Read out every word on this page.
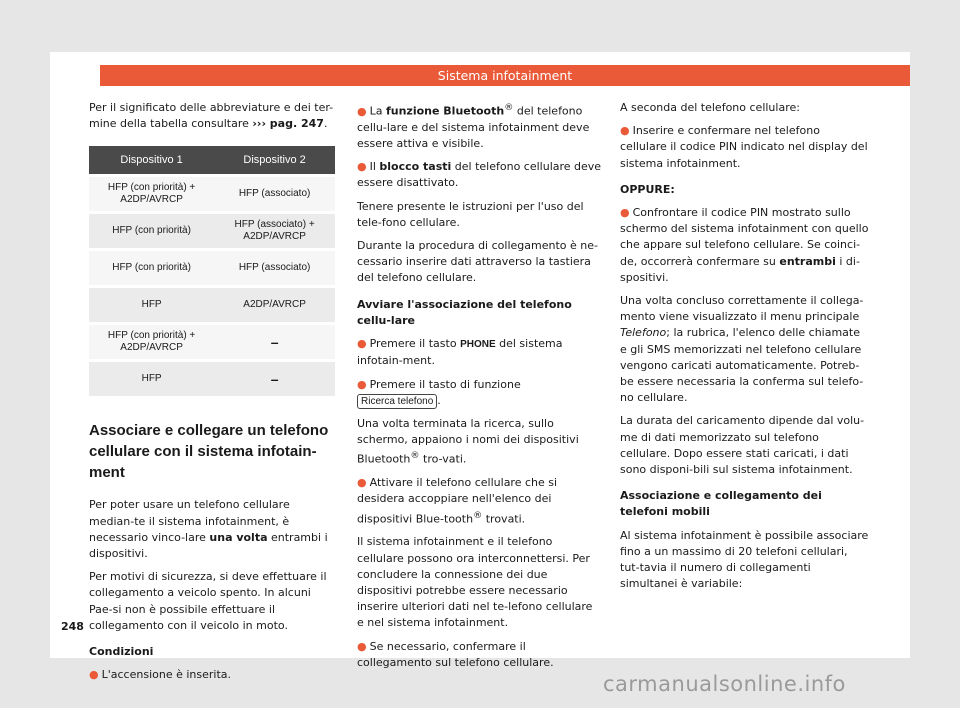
Sistema infotainment

Per il significato delle abbreviature e dei ter-mine della tabella consultare ››› pag. 247.

Dispositivo 1	Dispositivo 2
HFP (con priorità) + A2DP/AVRCP	HFP (associato)
HFP (con priorità)	HFP (associato) + A2DP/AVRCP
HFP (con priorità)	HFP (associato)
HFP	A2DP/AVRCP
HFP (con priorità) + A2DP/AVRCP	–
HFP	–

Associare e collegare un telefono cellulare con il sistema infotain-ment

Per poter usare un telefono cellulare median-te il sistema infotainment, è necessario vinco-lare una volta entrambi i dispositivi.

Per motivi di sicurezza, si deve effettuare il collegamento a veicolo spento. In alcuni Pae-si non è possibile effettuare il collegamento con il veicolo in moto.

Condizioni

● L'accensione è inserita.

● La funzione Bluetooth® del telefono cellu-lare e del sistema infotainment deve essere attiva e visibile.

● Il blocco tasti del telefono cellulare deve essere disattivato.

Tenere presente le istruzioni per l'uso del tele-fono cellulare.

Durante la procedura di collegamento è ne-cessario inserire dati attraverso la tastiera del telefono cellulare.

Avviare l'associazione del telefono cellu-lare

● Premere il tasto PHONE del sistema infotain-ment.

● Premere il tasto di funzione Ricerca telefono .

Una volta terminata la ricerca, sullo schermo, appaiono i nomi dei dispositivi Bluetooth® tro-vati.

● Attivare il telefono cellulare che si desidera accoppiare nell'elenco dei dispositivi Blue-tooth® trovati.

Il sistema infotainment e il telefono cellulare possono ora interconnettersi. Per concludere la connessione dei due dispositivi potrebbe essere necessario inserire ulteriori dati nel te-lefono cellulare e nel sistema infotainment.

● Se necessario, confermare il collegamento sul telefono cellulare.

A seconda del telefono cellulare:

● Inserire e confermare nel telefono cellulare il codice PIN indicato nel display del sistema infotainment.

OPPURE:

● Confrontare il codice PIN mostrato sullo schermo del sistema infotainment con quello che appare sul telefono cellulare. Se coinci-de, occorrerà confermare su entrambi i di-spositivi.

Una volta concluso correttamente il collega-mento viene visualizzato il menu principale Telefono; la rubrica, l'elenco delle chiamate e gli SMS memorizzati nel telefono cellulare vengono caricati automaticamente. Potreb-be essere necessaria la conferma sul telefo-no cellulare.

La durata del caricamento dipende dal volu-me di dati memorizzato sul telefono cellulare. Dopo essere stati caricati, i dati sono disponi-bili sul sistema infotainment.

Associazione e collegamento dei telefoni mobili

Al sistema infotainment è possibile associare fino a un massimo di 20 telefoni cellulari, tut-tavia il numero di collegamenti simultanei è variabile:

248
carmanualsonline.info
